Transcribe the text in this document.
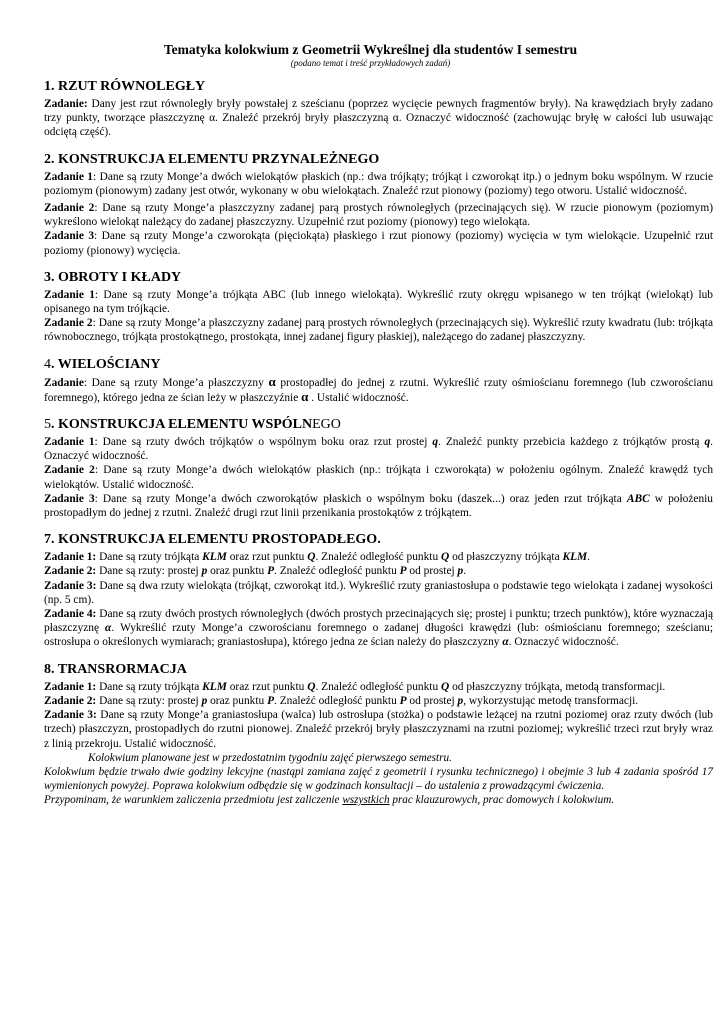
Tematyka kolokwium z Geometrii Wykreślnej dla studentów I semestru

(podano temat i treść przykładowych zadań)

1. RZUT RÓWNOLEGŁY

Zadanie: Dany jest rzut równoległy bryły powstałej z sześcianu (poprzez wycięcie pewnych fragmentów bryły). Na krawędziach bryły zadano trzy punkty, tworzące płaszczyznę α. Znaleźć przekrój bryły płaszczyzną α. Oznaczyć widoczność (zachowując bryłę w całości lub usuwając odciętą część).

2. KONSTRUKCJA ELEMENTU PRZYNALEŻNEGO

Zadanie 1: Dane są rzuty Monge’a dwóch wielokątów płaskich (np.: dwa trójkąty; trójkąt i czworokąt itp.) o jednym boku wspólnym. W rzucie poziomym (pionowym) zadany jest otwór, wykonany w obu wielokątach. Znaleźć rzut pionowy (poziomy) tego otworu. Ustalić widoczność.

Zadanie 2: Dane są rzuty Monge’a płaszczyzny zadanej parą prostych równoległych (przecinających się). W rzucie pionowym (poziomym) wykreślono wielokąt należący do zadanej płaszczyzny. Uzupełnić rzut poziomy (pionowy) tego wielokąta.

Zadanie 3: Dane są rzuty Monge’a czworokąta (pięciokąta) płaskiego i rzut pionowy (poziomy) wycięcia w tym wielokącie. Uzupełnić rzut poziomy (pionowy) wycięcia.

3. OBROTY I KŁADY

Zadanie 1: Dane są rzuty Monge’a trójkąta ABC (lub innego wielokąta). Wykreślić rzuty okręgu wpisanego w ten trójkąt (wielokąt) lub opisanego na tym trójkącie.

Zadanie 2: Dane są rzuty Monge’a płaszczyzny zadanej parą prostych równoległych (przecinających się). Wykreślić rzuty kwadratu (lub: trójkąta równobocznego, trójkąta prostokątnego, prostokąta, innej zadanej figury płaskiej), należącego do zadanej płaszczyzny.

4. WIELOŚCIANY

Zadanie: Dane są rzuty Monge’a płaszczyzny α prostopadłej do jednej z rzutni. Wykreślić rzuty ośmiościanu foremnego (lub czworościanu foremnego), którego jedna ze ścian leży w płaszczyźnie α . Ustalić widoczność.

5. KONSTRUKCJA ELEMENTU WSPÓLNEGO

Zadanie 1: Dane są rzuty dwóch trójkątów o wspólnym boku oraz rzut prostej q. Znaleźć punkty przebicia każdego z trójkątów prostą q. Oznaczyć widoczność.

Zadanie 2: Dane są rzuty Monge’a dwóch wielokątów płaskich (np.: trójkąta i czworokąta) w położeniu ogólnym. Znaleźć krawędź tych wielokątów. Ustalić widoczność.

Zadanie 3: Dane są rzuty Monge’a dwóch czworokątów płaskich o wspólnym boku (daszek...) oraz jeden rzut trójkąta ABC w położeniu prostopadłym do jednej z rzutni. Znaleźć drugi rzut linii przenikania prostokątów z trójkątem.

7. KONSTRUKCJA ELEMENTU PROSTOPADŁEGO.

Zadanie 1: Dane są rzuty trójkąta KLM oraz rzut punktu Q. Znaleźć odległość punktu Q od płaszczyzny trójkąta KLM.

Zadanie 2: Dane są rzuty: prostej p oraz punktu P. Znaleźć odległość punktu P od prostej p.

Zadanie 3: Dane są dwa rzuty wielokąta (trójkąt, czworokąt itd.). Wykreślić rzuty graniastosłupa o podstawie tego wielokąta i zadanej wysokości (np. 5 cm).

Zadanie 4: Dane są rzuty dwóch prostych równoległych (dwóch prostych przecinających się; prostej i punktu; trzech punktów), które wyznaczają płaszczyznę α. Wykreślić rzuty Monge’a czworościanu foremnego o zadanej długości krawędzi (lub: ośmiościanu foremnego; sześcianu; ostrosłupa o określonych wymiarach; graniastosłupa), którego jedna ze ścian należy do płaszczyzny α. Oznaczyć widoczność.

8. TRANSRORMACJA

Zadanie 1: Dane są rzuty trójkąta KLM oraz rzut punktu Q. Znaleźć odległość punktu Q od płaszczyzny trójkąta, metodą transformacji.

Zadanie 2: Dane są rzuty: prostej p oraz punktu P. Znaleźć odległość punktu P od prostej p, wykorzystując metodę transformacji.

Zadanie 3: Dane są rzuty Monge’a graniastosłupa (walca) lub ostrosłupa (stożka) o podstawie leżącej na rzutni poziomej oraz rzuty dwóch (lub trzech) płaszczyzn, prostopadłych do rzutni pionowej. Znaleźć przekrój bryły płaszczyznami na rzutni poziomej; wykreślić trzeci rzut bryły wraz z linią przekroju. Ustalić widoczność.

Kolokwium planowane jest w przedostatnim tygodniu zajęć pierwszego semestru.

Kolokwium będzie trwało dwie godziny lekcyjne (nastąpi zamiana zajęć z geometrii i rysunku technicznego) i obejmie 3 lub 4 zadania spośród 17 wymienionych powyżej. Poprawa kolokwium odbędzie się w godzinach konsultacji – do ustalenia z prowadzącymi ćwiczenia.

Przypominam, że warunkiem zaliczenia przedmiotu jest zaliczenie wszystkich prac klauzurowych, prac domowych i kolokwium.
